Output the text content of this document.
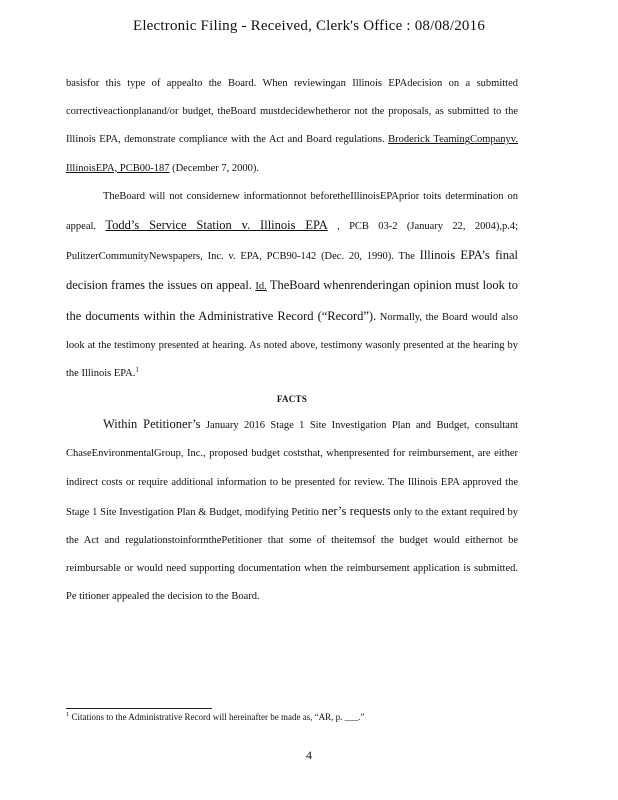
Electronic Filing - Received, Clerk's Office : 08/08/2016

basisfor this type of appealto the Board. When reviewingan Illinois EPAdecision on a submitted correctiveactionplanand/or budget, theBoard mustdecidewhetheror not the proposals, as submitted to the Illinois EPA, demonstrate compliance with the Act and Board regulations. Broderick TeamingCompanyv. IllinoisEPA, PCB00-187 (December 7, 2000).

TheBoard will not considernew informationnot beforetheIllinoisEPAprior toits determination on appeal. Todd’s Service Station v. Illinois EPA , PCB 03-2 (January 22, 2004),p.4; PulitzerCommunityNewspapers, Inc. v. EPA, PCB90-142 (Dec. 20, 1990). The Illinois EPA’s final decision frames the issues on appeal. Id. TheBoard whenrenderingan opinion must look to the documents within the Administrative Record (“Record”). Normally, the Board would also look at the testimony presented at hearing. As noted above, testimony wasonly presented at the hearing by the Illinois EPA.$^1$

FACTS

Within Petitioner’s January 2016 Stage 1 Site Investigation Plan and Budget, consultant ChaseEnvironmentalGroup, Inc., proposed budget coststhat, whenpresented for reimbursement, are either indirect costs or require additional information to be presented for review. The Illinois EPA approved the Stage 1 Site Investigation Plan & Budget, modifying Petitio ner’s requests only to the extant required by the Act and regulationstoinformthePetitioner that some of theitemsof the budget would eithernot be reimbursable or would need supporting documentation when the reimbursement application is submitted. Pe titioner appealed the decision to the Board.

$^1$ Citations to the Administrative Record will hereinafter be made as, “AR, p. ___.”
4
